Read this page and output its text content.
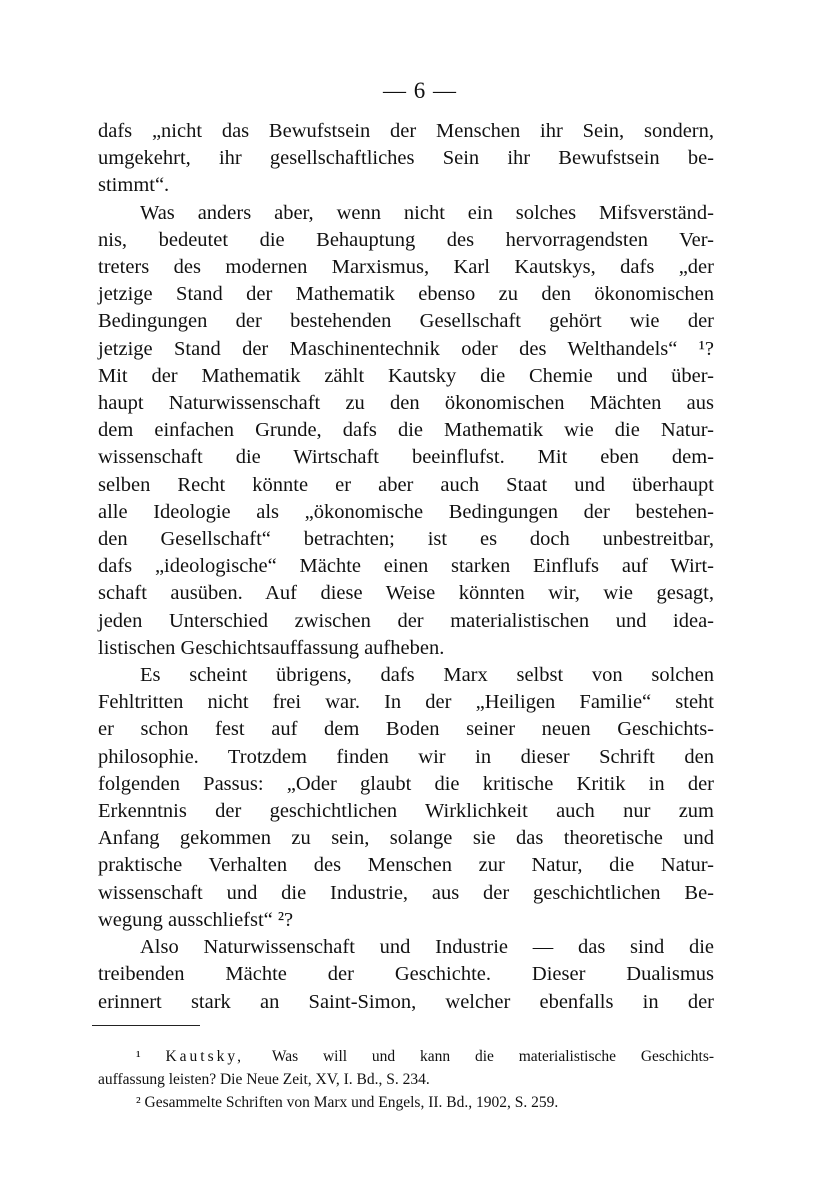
— 6 —
dafs „nicht das Bewufstsein der Menschen ihr Sein, sondern,
umgekehrt, ihr gesellschaftliches Sein ihr Bewufstsein be-
stimmt“.
Was anders aber, wenn nicht ein solches Mifsverständ-
nis, bedeutet die Behauptung des hervorragendsten Ver-
treters des modernen Marxismus, Karl Kautskys, dafs „der
jetzige Stand der Mathematik ebenso zu den ökonomischen
Bedingungen der bestehenden Gesellschaft gehört wie der
jetzige Stand der Maschinentechnik oder des Welthandels“ ¹?
Mit der Mathematik zählt Kautsky die Chemie und über-
haupt Naturwissenschaft zu den ökonomischen Mächten aus
dem einfachen Grunde, dafs die Mathematik wie die Natur-
wissenschaft die Wirtschaft beeinflufst. Mit eben dem-
selben Recht könnte er aber auch Staat und überhaupt
alle Ideologie als „ökonomische Bedingungen der bestehen-
den Gesellschaft“ betrachten; ist es doch unbestreitbar,
dafs „ideologische“ Mächte einen starken Einflufs auf Wirt-
schaft ausüben. Auf diese Weise könnten wir, wie gesagt,
jeden Unterschied zwischen der materialistischen und idea-
listischen Geschichtsauffassung aufheben.
Es scheint übrigens, dafs Marx selbst von solchen
Fehltritten nicht frei war. In der „Heiligen Familie“ steht
er schon fest auf dem Boden seiner neuen Geschichts-
philosophie. Trotzdem finden wir in dieser Schrift den
folgenden Passus: „Oder glaubt die kritische Kritik in der
Erkenntnis der geschichtlichen Wirklichkeit auch nur zum
Anfang gekommen zu sein, solange sie das theoretische und
praktische Verhalten des Menschen zur Natur, die Natur-
wissenschaft und die Industrie, aus der geschichtlichen Be-
wegung ausschliefst“ ²?
Also Naturwissenschaft und Industrie — das sind die
treibenden Mächte der Geschichte. Dieser Dualismus
erinnert stark an Saint-Simon, welcher ebenfalls in der
¹ Kautsky, Was will und kann die materialistische Geschichts-
auffassung leisten? Die Neue Zeit, XV, I. Bd., S. 234.
² Gesammelte Schriften von Marx und Engels, II. Bd., 1902, S. 259.
